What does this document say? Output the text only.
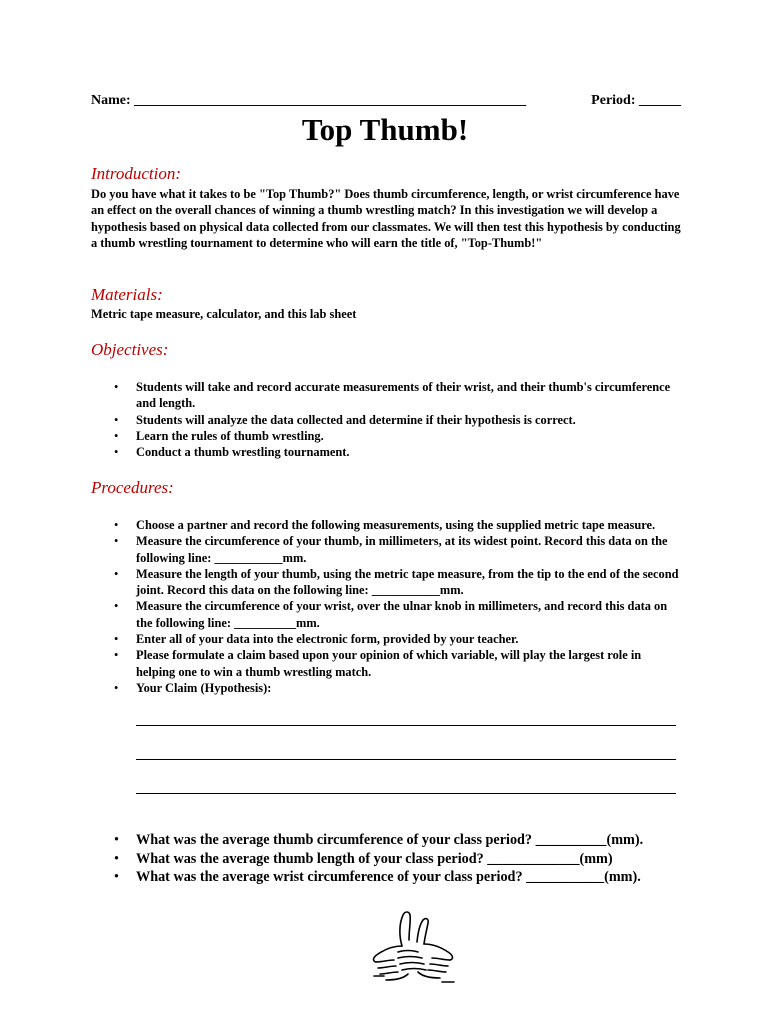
Name: ________________________________________________________	Period: ______
Top Thumb!
Introduction:

Do you have what it takes to be "Top Thumb?" Does thumb circumference, length, or wrist circumference have an effect on the overall chances of winning a thumb wrestling match? In this investigation we will develop a hypothesis based on physical data collected from our classmates. We will then test this hypothesis by conducting a thumb wrestling tournament to determine who will earn the title of, "Top-Thumb!"

Materials:

Metric tape measure, calculator, and this lab sheet

Objectives:
• Students will take and record accurate measurements of their wrist, and their thumb's circumference and length.
• Students will analyze the data collected and determine if their hypothesis is correct.
• Learn the rules of thumb wrestling.
• Conduct a thumb wrestling tournament.
Procedures:
• Choose a partner and record the following measurements, using the supplied metric tape measure.
• Measure the circumference of your thumb, in millimeters, at its widest point. Record this data on the following line: ___________mm.
• Measure the length of your thumb, using the metric tape measure, from the tip to the end of the second joint. Record this data on the following line: ___________mm.
• Measure the circumference of your wrist, over the ulnar knob in millimeters, and record this data on the following line: __________mm.
• Enter all of your data into the electronic form, provided by your teacher.
• Please formulate a claim based upon your opinion of which variable, will play the largest role in helping one to win a thumb wrestling match.
• Your Claim (Hypothesis):
• What was the average thumb circumference of your class period? __________(mm).
• What was the average thumb length of your class period? _____________(mm)
• What was the average wrist circumference of your class period? ___________(mm).
